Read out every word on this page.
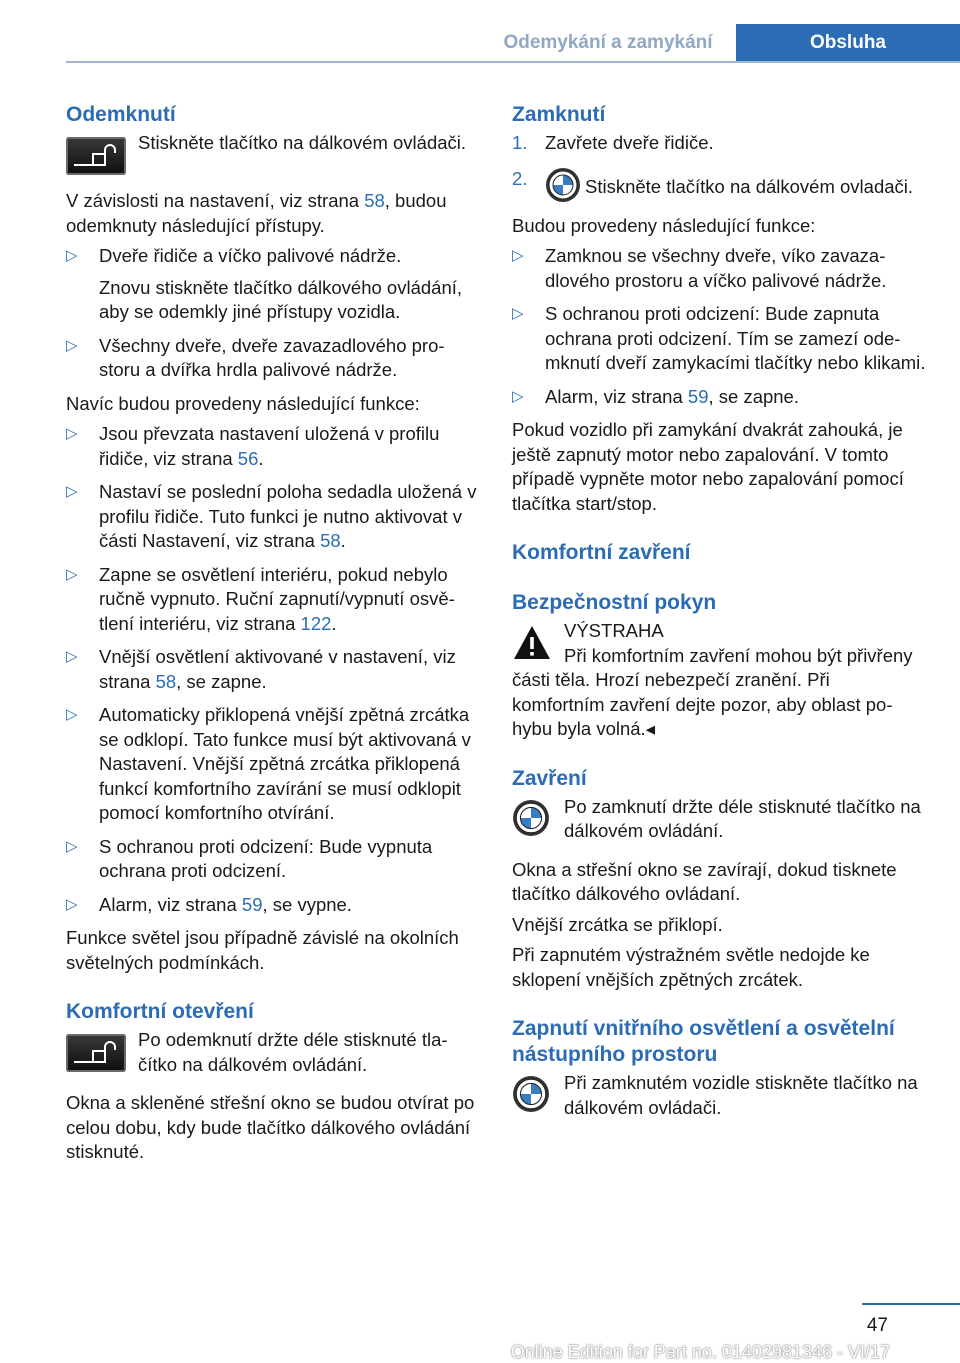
Odemykání a zamykání	Obsluha
Odemknutí
Stiskněte tlačítko na dálkovém ovládači.
V závislosti na nastavení, viz strana 58, budou odemknuty následující přístupy.
▷ Dveře řidiče a víčko palivové nádrže.
Znovu stiskněte tlačítko dálkového ovládání, aby se odemkly jiné přístupy vozidla.
▷ Všechny dveře, dveře zavazadlového prostoru a dvířka hrdla palivové nádrže.
Navíc budou provedeny následující funkce:
▷ Jsou převzata nastavení uložená v profilu řidiče, viz strana 56.
▷ Nastaví se poslední poloha sedadla uložená v profilu řidiče. Tuto funkci je nutno aktivovat v části Nastavení, viz strana 58.
▷ Zapne se osvětlení interiéru, pokud nebylo ručně vypnuto. Ruční zapnutí/vypnutí osvětlení interiéru, viz strana 122.
▷ Vnější osvětlení aktivované v nastavení, viz strana 58, se zapne.
▷ Automaticky přiklopená vnější zpětná zrcátka se odklopí. Tato funkce musí být aktivovaná v Nastavení. Vnější zpětná zrcátka přiklopená funkcí komfortního zavírání se musí odklopit pomocí komfortního otvírání.
▷ S ochranou proti odcizení: Bude vypnuta ochrana proti odcizení.
▷ Alarm, viz strana 59, se vypne.
Funkce světel jsou případně závislé na okolních světelných podmínkách.
Komfortní otevření
Po odemknutí držte déle stisknuté tlačítko na dálkovém ovládání.
Okna a skleněné střešní okno se budou otvírat po celou dobu, kdy bude tlačítko dálkového ovládání stisknuté.
Zamknutí
1. Zavřete dveře řidiče.
2.	Stiskněte tlačítko na dálkovém ovladači.
Budou provedeny následující funkce:
▷ Zamknou se všechny dveře, víko zavazadlového prostoru a víčko palivové nádrže.
▷ S ochranou proti odcizení: Bude zapnuta ochrana proti odcizení. Tím se zamezí odemknutí dveří zamykacími tlačítky nebo klikami.
▷ Alarm, viz strana 59, se zapne.
Pokud vozidlo při zamykání dvakrát zahouká, je ještě zapnutý motor nebo zapalování. V tomto případě vypněte motor nebo zapalování pomocí tlačítka start/stop.
Komfortní zavření
Bezpečnostní pokyn
VÝSTRAHA
Při komfortním zavření mohou být přivřeny části těla. Hrozí nebezpečí zranění. Při komfortním zavření dejte pozor, aby oblast pohybu byla volná.◂
Zavření
Po zamknutí držte déle stisknuté tlačítko na dálkovém ovládání.
Okna a střešní okno se zavírají, dokud tisknete tlačítko dálkového ovládaní.
Vnější zrcátka se přiklopí.
Při zapnutém výstražném světle nedojde ke sklopení vnějších zpětných zrcátek.
Zapnutí vnitřního osvětlení a osvětelní nástupního prostoru
Při zamknutém vozidle stiskněte tlačítko na dálkovém ovládači.
47
Online Edition for Part no. 01402981346 - VI/17
